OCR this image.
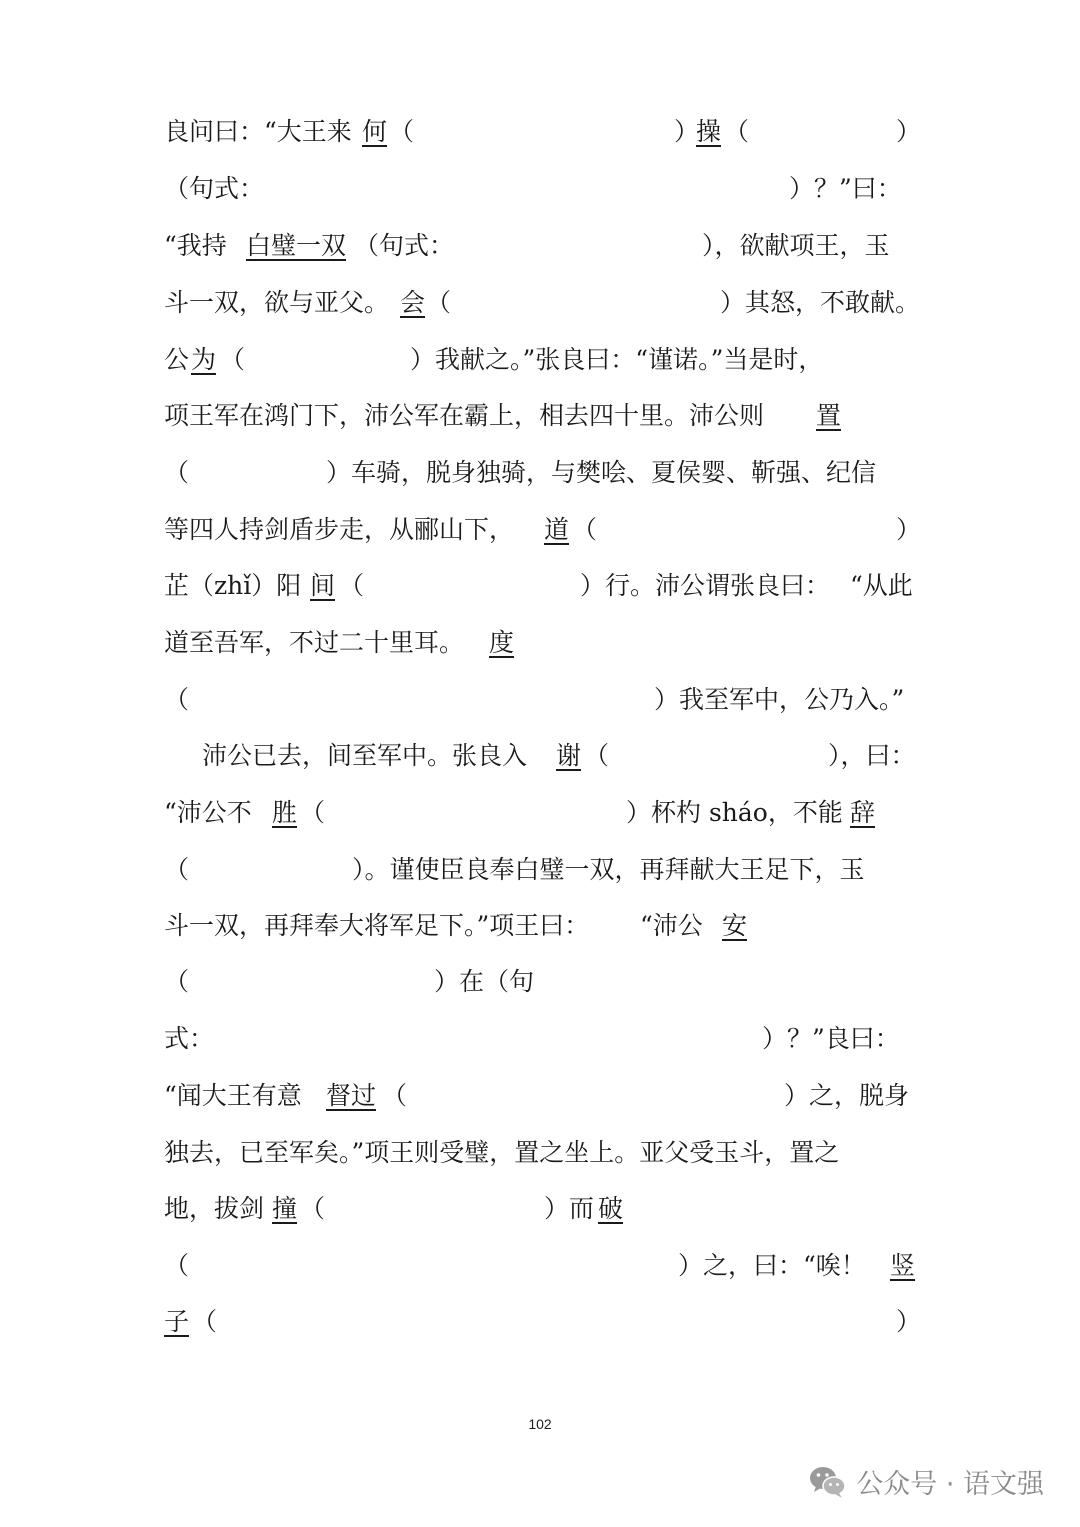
良问曰：“大王来 何 （	）
操 （	）
（句式：	）？”曰：
“我持 白璧一双 （句式：	），欲献项王，玉
斗一双，欲与亚父。 会 （	）其怒，不敢献。
公 为 （	）我献之。”张良曰：“谨诺。”当是时，
项王军在鸿门下，沛公军在霸上，相去四十里。沛公则 置
（	）车骑，脱身独骑，与樊哙、夏侯婴、靳强、纪信
等四人持剑盾步走，从郦山下， 道 （	）
芷（zhǐ）阳 间 （	）行。沛公谓张良曰： “从此
道至吾军，不过二十里耳。 度
（	）我至军中，公乃入。”
沛公已去，间至军中。张良入 谢 （	），曰：
“沛公不 胜 （	）杯杓 sháo，不能 辞
（	）。谨使臣良奉白璧一双，再拜献大王足下，玉
斗一双，再拜奉大将军足下。”项王曰： “沛公 安
（	）在（句
式：	）？”良曰：
“闻大王有意 督过 （	）之，脱身
独去，已至军矣。”项王则受璧，置之坐上。亚父受玉斗，置之
地，拔剑 撞 （	）而 破
（	）之，曰：“唉！ 竖
子 （	）
102
公众号 · 语文强
